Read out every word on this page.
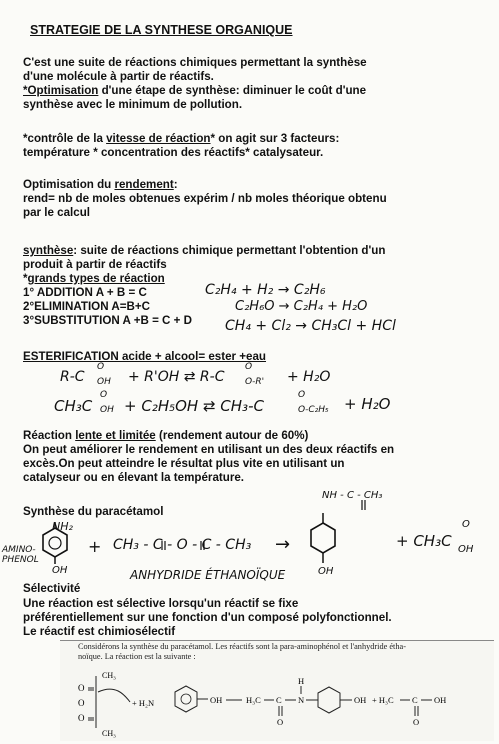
STRATEGIE DE LA SYNTHESE ORGANIQUE

C'est une suite de réactions chimiques permettant la synthèse

d'une molécule à partir de réactifs.

*Optimisation d'une étape de synthèse: diminuer le coût d'une

synthèse avec le minimum de pollution.

*contrôle de la vitesse de réaction* on agit sur 3 facteurs:

température * concentration des réactifs* catalysateur.

Optimisation du rendement:

rend= nb de moles obtenues expérim / nb moles théorique obtenu

par le calcul

synthèse: suite de réactions chimique permettant l'obtention d'un

produit à partir de réactifs

*grands types de réaction

1° ADDITION A + B = C

2°ELIMINATION A=B+C

3°SUBSTITUTION A +B = C + D

C₂H₄ + H₂ → C₂H₆

C₂H₆O → C₂H₄ + H₂O

CH₄ + Cl₂ → CH₃Cl + HCl

ESTERIFICATION acide + alcool= ester +eau

R-C

O

OH + R'OH ⇄ R-C

O

O-R' + H₂O

CH₃C

O

OH + C₂H₅OH ⇄ CH₃-C

O

O-C₂H₅ + H₂O

Réaction lente et limitée (rendement autour de 60%)

On peut améliorer le rendement en utilisant un des deux réactifs en

excès.On peut atteindre le résultat plus vite en utilisant un

catalyseur ou en élevant la température.

Synthèse du paracétamol

NH₂

AMINO-PHENOL

OH

+ CH₃ - C - O - C - CH₃ →

ANHYDRIDE ÉTHANOÏQUE

NH - C - CH₃

OH

+ CH₃C

O

OH

Sélectivité

Une réaction est sélective lorsqu'un réactif se fixe

préférentiellement sur une fonction d'un composé polyfonctionnel.

Le réactif est chimiosélectif

Considérons la synthèse du paracétamol. Les réactifs sont la para-aminophénol et l'anhydride étha-

noïque. La réaction est la suivante :

CH₃
O
O
O
CH₃
+ H₂N	OH	H₃C C
O
N
H
OH + H₃C C
O
OH
